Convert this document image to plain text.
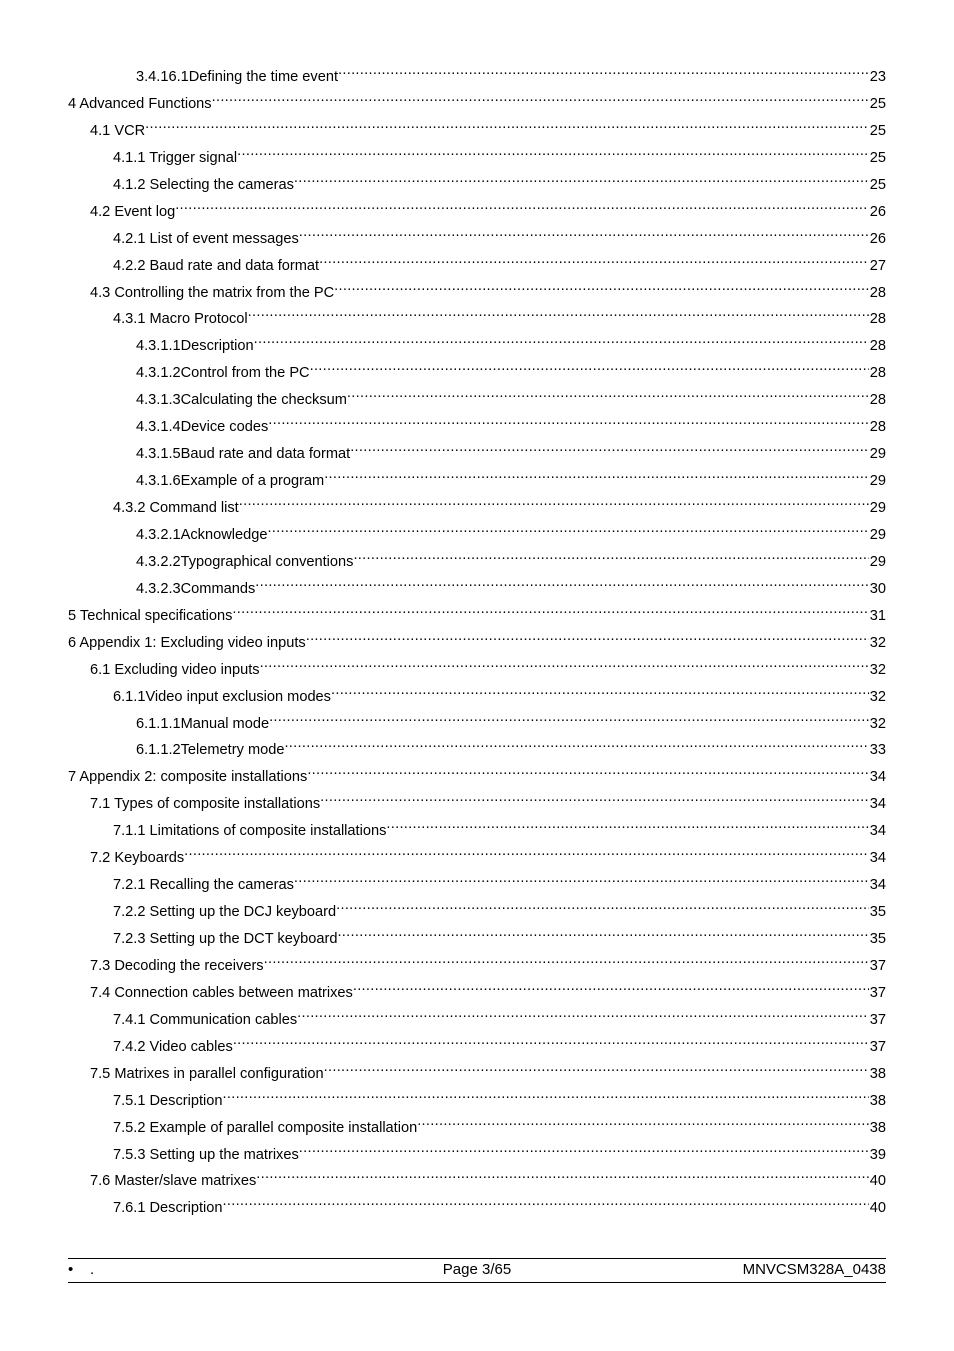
3.4.16.1Defining the time event .....	23
4 Advanced Functions .....	25
4.1 VCR .....	25
4.1.1 Trigger signal .....	25
4.1.2 Selecting the cameras .....	25
4.2 Event log .....	26
4.2.1 List of event messages .....	26
4.2.2 Baud rate and data format .....	27
4.3 Controlling the matrix from the PC .....	28
4.3.1 Macro Protocol .....	28
4.3.1.1Description .....	28
4.3.1.2Control from the PC .....	28
4.3.1.3Calculating the checksum .....	28
4.3.1.4Device codes .....	28
4.3.1.5Baud rate and data format .....	29
4.3.1.6Example of a program .....	29
4.3.2 Command list .....	29
4.3.2.1Acknowledge .....	29
4.3.2.2Typographical conventions .....	29
4.3.2.3Commands .....	30
5 Technical specifications .....	31
6 Appendix 1: Excluding video inputs .....	32
6.1 Excluding video inputs .....	32
6.1.1Video input exclusion modes .....	32
6.1.1.1Manual mode .....	32
6.1.1.2Telemetry mode .....	33
7 Appendix 2: composite installations .....	34
7.1 Types of composite installations .....	34
7.1.1 Limitations of composite installations .....	34
7.2 Keyboards .....	34
7.2.1 Recalling the cameras .....	34
7.2.2 Setting up the DCJ keyboard .....	35
7.2.3 Setting up the DCT keyboard .....	35
7.3 Decoding the receivers .....	37
7.4 Connection cables between matrixes .....	37
7.4.1 Communication cables .....	37
7.4.2 Video cables .....	37
7.5 Matrixes in parallel configuration .....	38
7.5.1 Description .....	38
7.5.2 Example of parallel composite installation .....	38
7.5.3 Setting up the matrixes .....	39
7.6 Master/slave matrixes .....	40
7.6.1 Description .....	40
• .	Page 3/65	MNVCSM328A_0438
